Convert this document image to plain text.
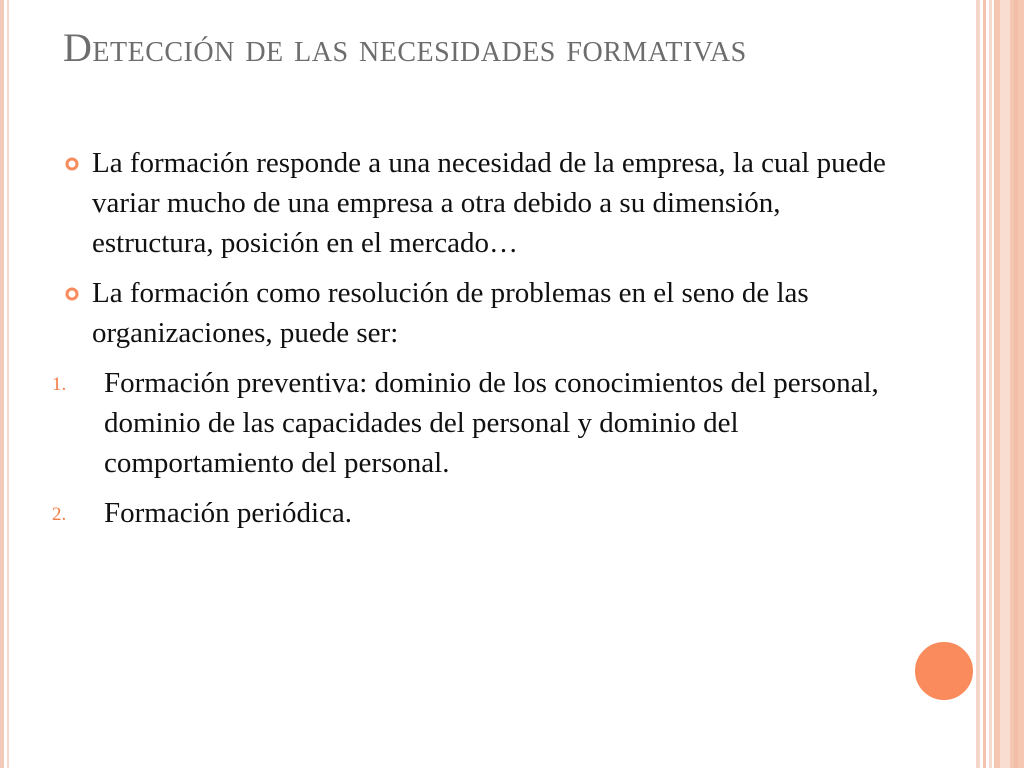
Detección de las necesidades formativas
La formación responde a una necesidad de la empresa, la cual puede variar mucho de una empresa a otra debido a su dimensión, estructura, posición en el mercado…
La formación como resolución de problemas en el seno de las organizaciones, puede ser:
1. Formación preventiva: dominio de los conocimientos del personal, dominio de las capacidades del personal y dominio del comportamiento del personal.
2. Formación periódica.
